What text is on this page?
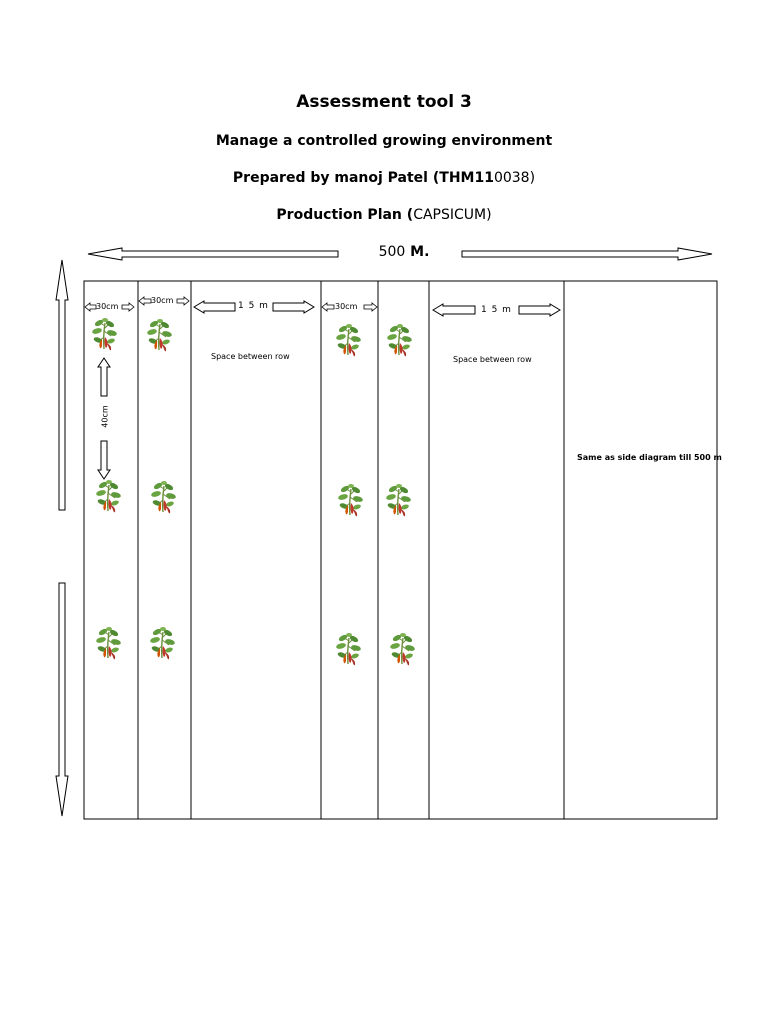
Assessment tool 3
Manage a controlled growing environment
Prepared by manoj Patel (THM110038)
Production Plan (CAPSICUM)
500 M.
30cm
30cm
30cm
1 5 m	1 5 m
40cm
Space between row	Space between row
Same as side diagram till 500 m
